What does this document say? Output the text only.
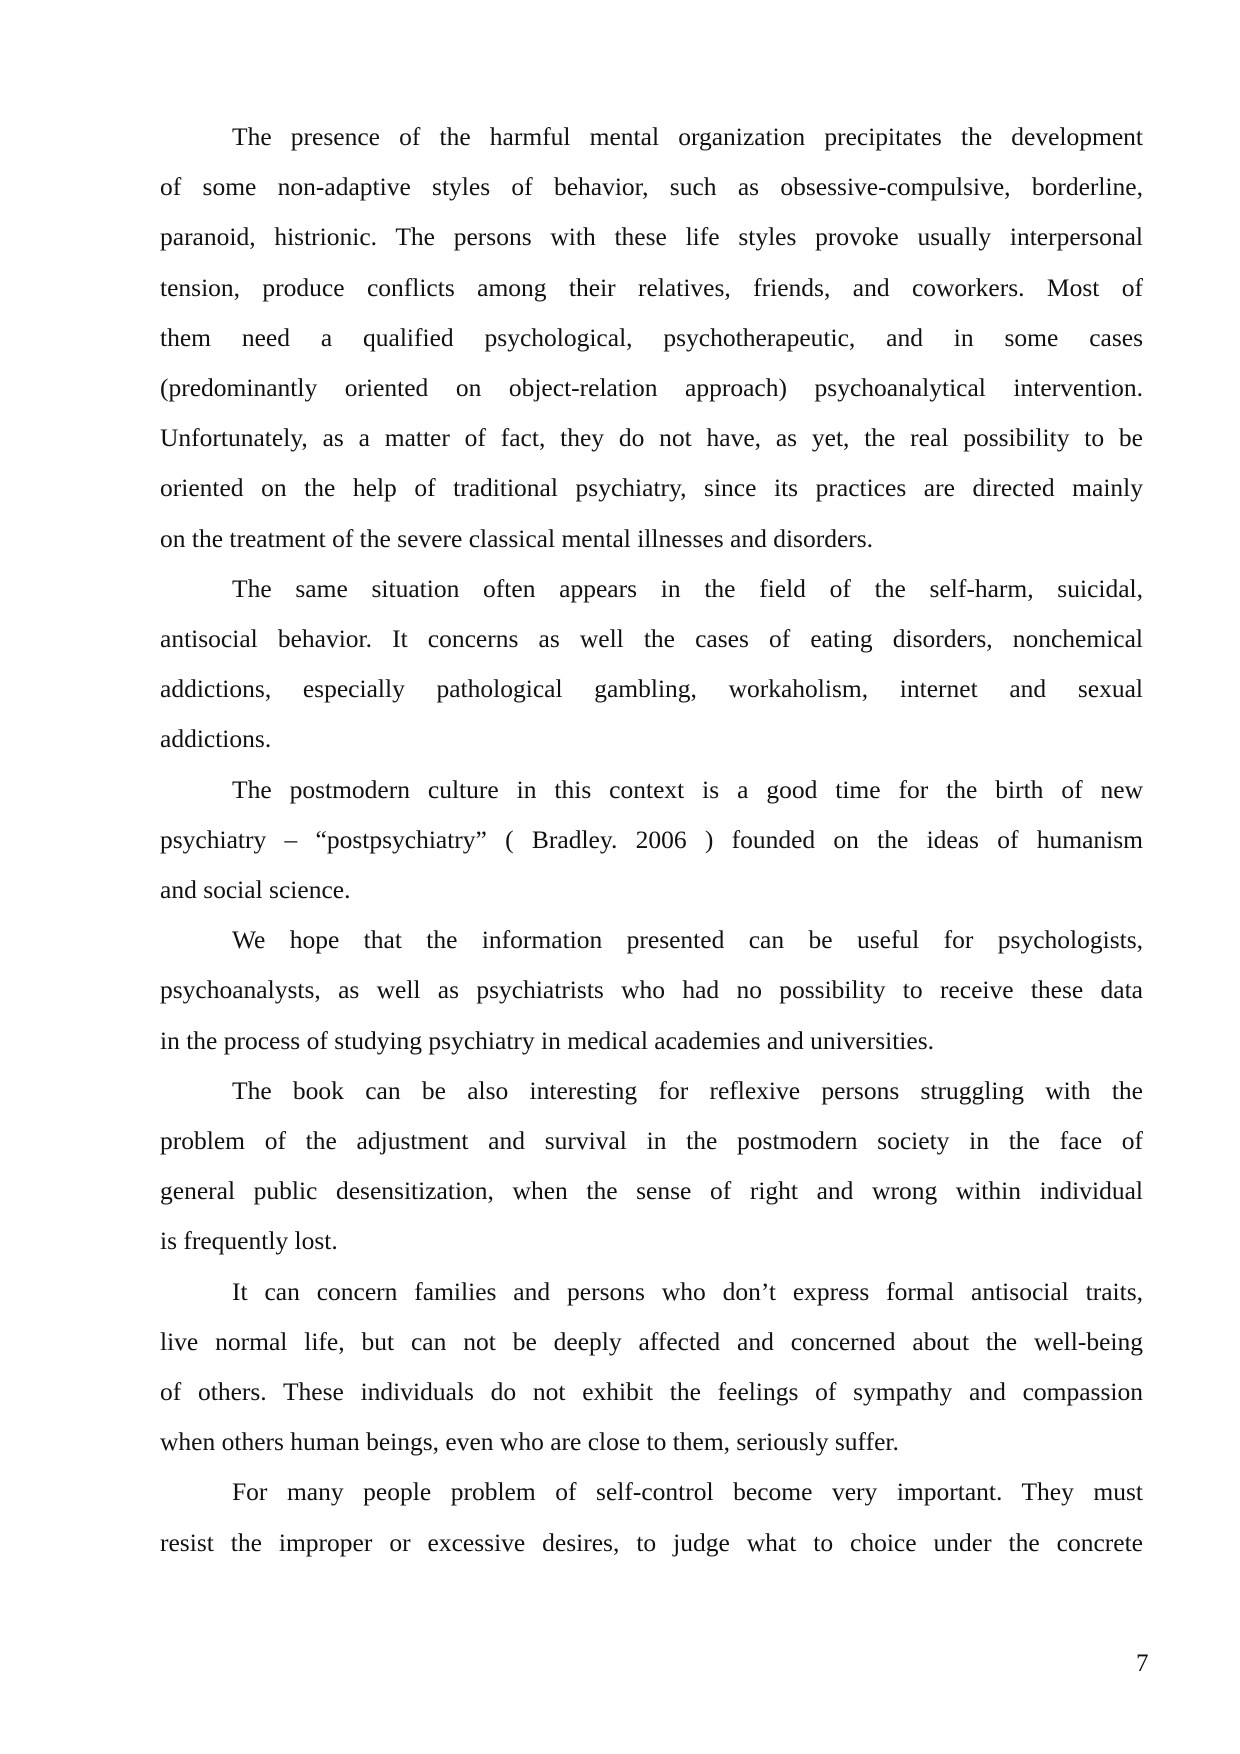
The presence of the harmful mental organization precipitates the development
of some non-adaptive styles of behavior, such as obsessive-compulsive, borderline,
paranoid, histrionic. The persons with these life styles provoke usually interpersonal
tension, produce conflicts among their relatives, friends, and coworkers. Most of
them need a qualified psychological, psychotherapeutic, and in some cases
(predominantly oriented on object-relation approach) psychoanalytical intervention.
Unfortunately, as a matter of fact, they do not have, as yet, the real possibility to be
oriented on the help of traditional psychiatry, since its practices are directed mainly
on the treatment of the severe classical mental illnesses and disorders.
The same situation often appears in the field of the self-harm, suicidal,
antisocial behavior. It concerns as well the cases of eating disorders, nonchemical
addictions, especially pathological gambling, workaholism, internet and sexual
addictions.
The postmodern culture in this context is a good time for the birth of new
psychiatry – “postpsychiatry” ( Bradley. 2006 ) founded on the ideas of humanism
and social science.
We hope that the information presented can be useful for psychologists,
psychoanalysts, as well as psychiatrists who had no possibility to receive these data
in the process of studying psychiatry in medical academies and universities.
The book can be also interesting for reflexive persons struggling with the
problem of the adjustment and survival in the postmodern society in the face of
general public desensitization, when the sense of right and wrong within individual
is frequently lost.
It can concern families and persons who don’t express formal antisocial traits,
live normal life, but can not be deeply affected and concerned about the well-being
of others. These individuals do not exhibit the feelings of sympathy and compassion
when others human beings, even who are close to them, seriously suffer.
For many people problem of self-control become very important. They must
resist the improper or excessive desires, to judge what to choice under the concrete
7
